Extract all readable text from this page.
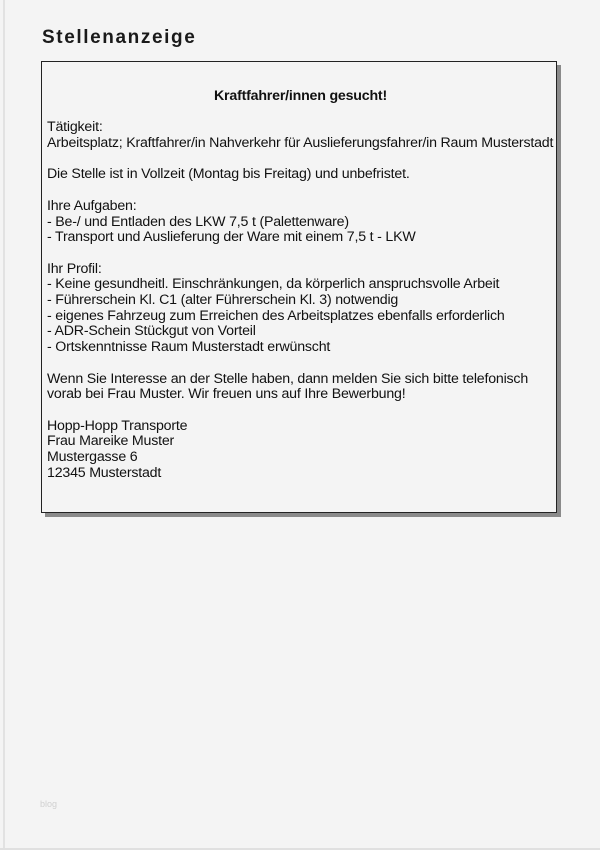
Stellenanzeige
Kraftfahrer/innen gesucht!

Tätigkeit:
Arbeitsplatz; Kraftfahrer/in Nahverkehr für Auslieferungsfahrer/in Raum Musterstadt

Die Stelle ist in Vollzeit (Montag bis Freitag) und unbefristet.

Ihre Aufgaben:
- Be-/ und Entladen des LKW 7,5 t (Palettenware)
- Transport und Auslieferung der Ware mit einem 7,5 t - LKW

Ihr Profil:
- Keine gesundheitl. Einschränkungen, da körperlich anspruchsvolle Arbeit
- Führerschein Kl. C1 (alter Führerschein Kl. 3) notwendig
- eigenes Fahrzeug zum Erreichen des Arbeitsplatzes ebenfalls erforderlich
- ADR-Schein Stückgut von Vorteil
- Ortskenntnisse Raum Musterstadt erwünscht

Wenn Sie Interesse an der Stelle haben, dann melden Sie sich bitte telefonisch
vorab bei Frau Muster. Wir freuen uns auf Ihre Bewerbung!

Hopp-Hopp Transporte
Frau Mareike Muster
Mustergasse 6
12345 Musterstadt

blog
